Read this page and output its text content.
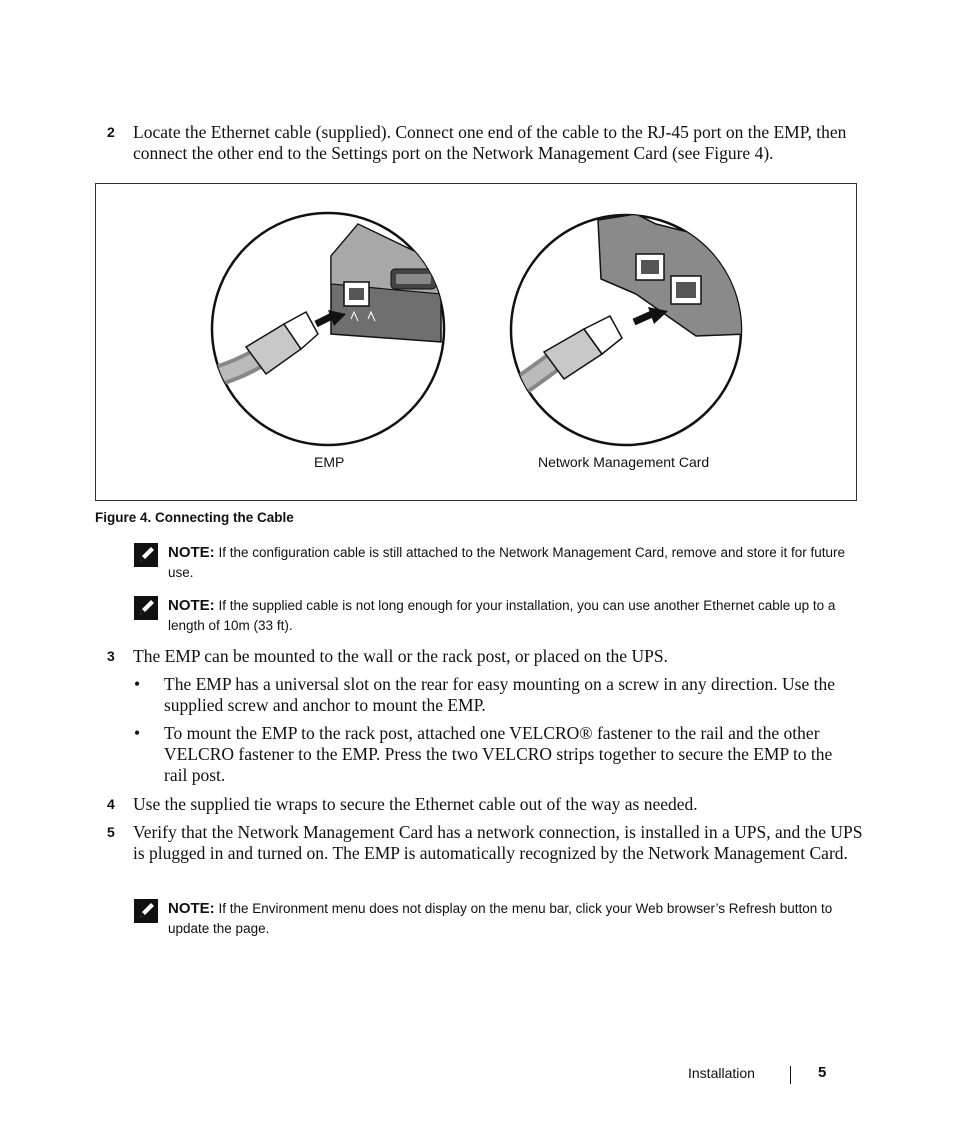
2 Locate the Ethernet cable (supplied). Connect one end of the cable to the RJ-45 port on the EMP, then connect the other end to the Settings port on the Network Management Card (see Figure 4).
EMP	Network Management Card
Figure 4. Connecting the Cable
NOTE: If the configuration cable is still attached to the Network Management Card, remove and store it for future use.
NOTE: If the supplied cable is not long enough for your installation, you can use another Ethernet cable up to a length of 10m (33 ft).
3 The EMP can be mounted to the wall or the rack post, or placed on the UPS.
• The EMP has a universal slot on the rear for easy mounting on a screw in any direction. Use the supplied screw and anchor to mount the EMP.
• To mount the EMP to the rack post, attached one VELCRO® fastener to the rail and the other VELCRO fastener to the EMP. Press the two VELCRO strips together to secure the EMP to the rail post.
4 Use the supplied tie wraps to secure the Ethernet cable out of the way as needed.
5 Verify that the Network Management Card has a network connection, is installed in a UPS, and the UPS is plugged in and turned on. The EMP is automatically recognized by the Network Management Card.
NOTE: If the Environment menu does not display on the menu bar, click your Web browser’s Refresh button to update the page.
Installation	5
